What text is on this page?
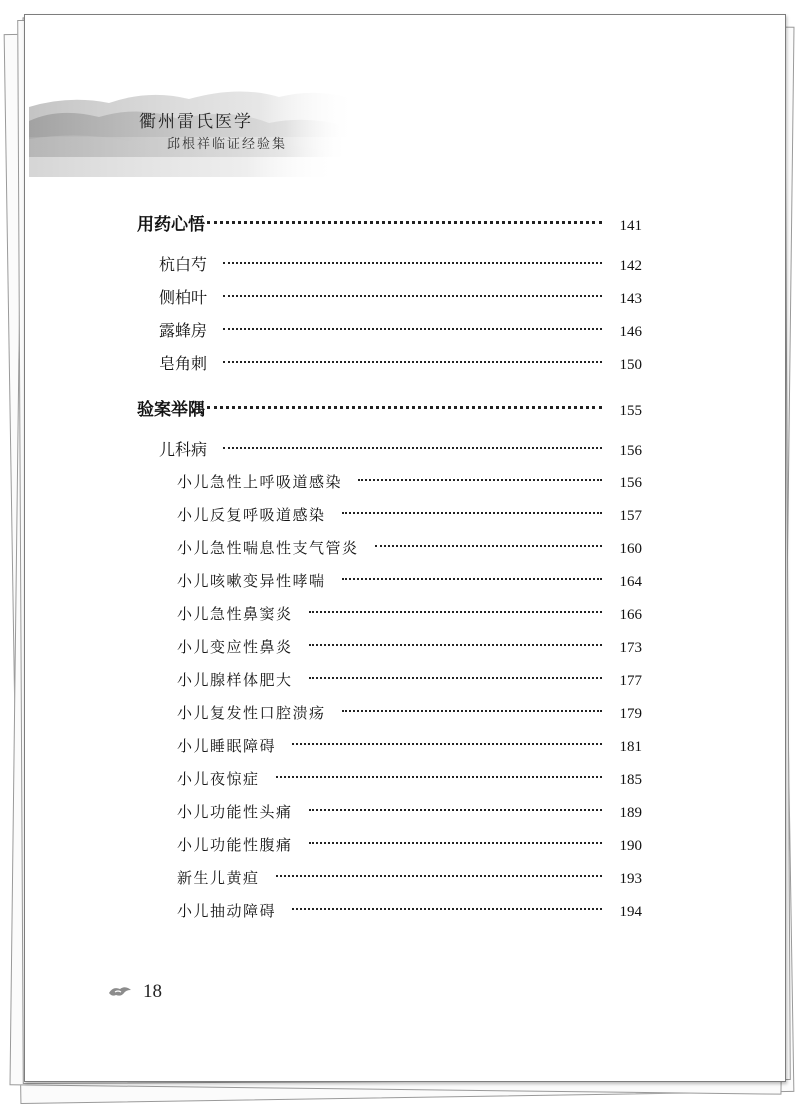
衢州雷氏医学
邱根祥临证经验集
用药心悟	141
杭白芍	142
侧柏叶	143
露蜂房	146
皂角刺	150
验案举隅	155
儿科病	156
小儿急性上呼吸道感染	156
小儿反复呼吸道感染	157
小儿急性喘息性支气管炎	160
小儿咳嗽变异性哮喘	164
小儿急性鼻窦炎	166
小儿变应性鼻炎	173
小儿腺样体肥大	177
小儿复发性口腔溃疡	179
小儿睡眠障碍	181
小儿夜惊症	185
小儿功能性头痛	189
小儿功能性腹痛	190
新生儿黄疸	193
小儿抽动障碍	194
18
